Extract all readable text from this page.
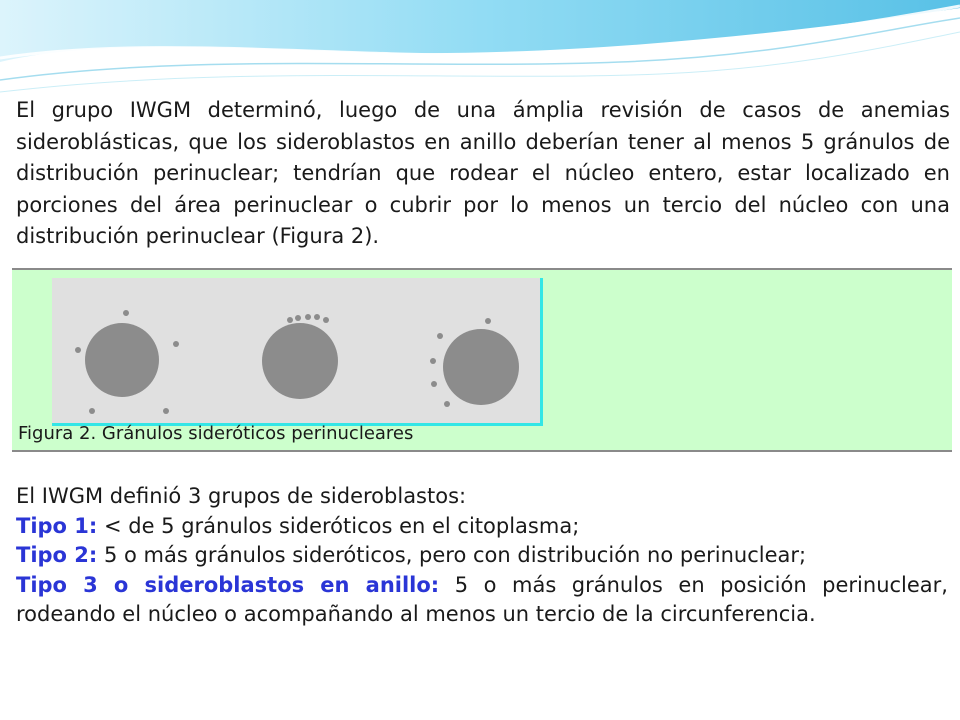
El grupo IWGM determinó, luego de una ámplia revisión de casos de anemias sideroblásticas, que los sideroblastos en anillo deberían tener al menos 5 gránulos de distribución perinuclear; tendrían que rodear el núcleo entero, estar localizado en porciones del área perinuclear o cubrir por lo menos un tercio del núcleo con una distribución perinuclear (Figura 2).

Figura 2. Gránulos sideróticos perinucleares

El IWGM definió 3 grupos de sideroblastos:

Tipo 1: < de 5 gránulos sideróticos en el citoplasma;

Tipo 2: 5 o más gránulos sideróticos, pero con distribución no perinuclear;

Tipo 3 o sideroblastos en anillo: 5 o más gránulos en posición perinuclear, rodeando el núcleo o acompañando al menos un tercio de la circunferencia.
